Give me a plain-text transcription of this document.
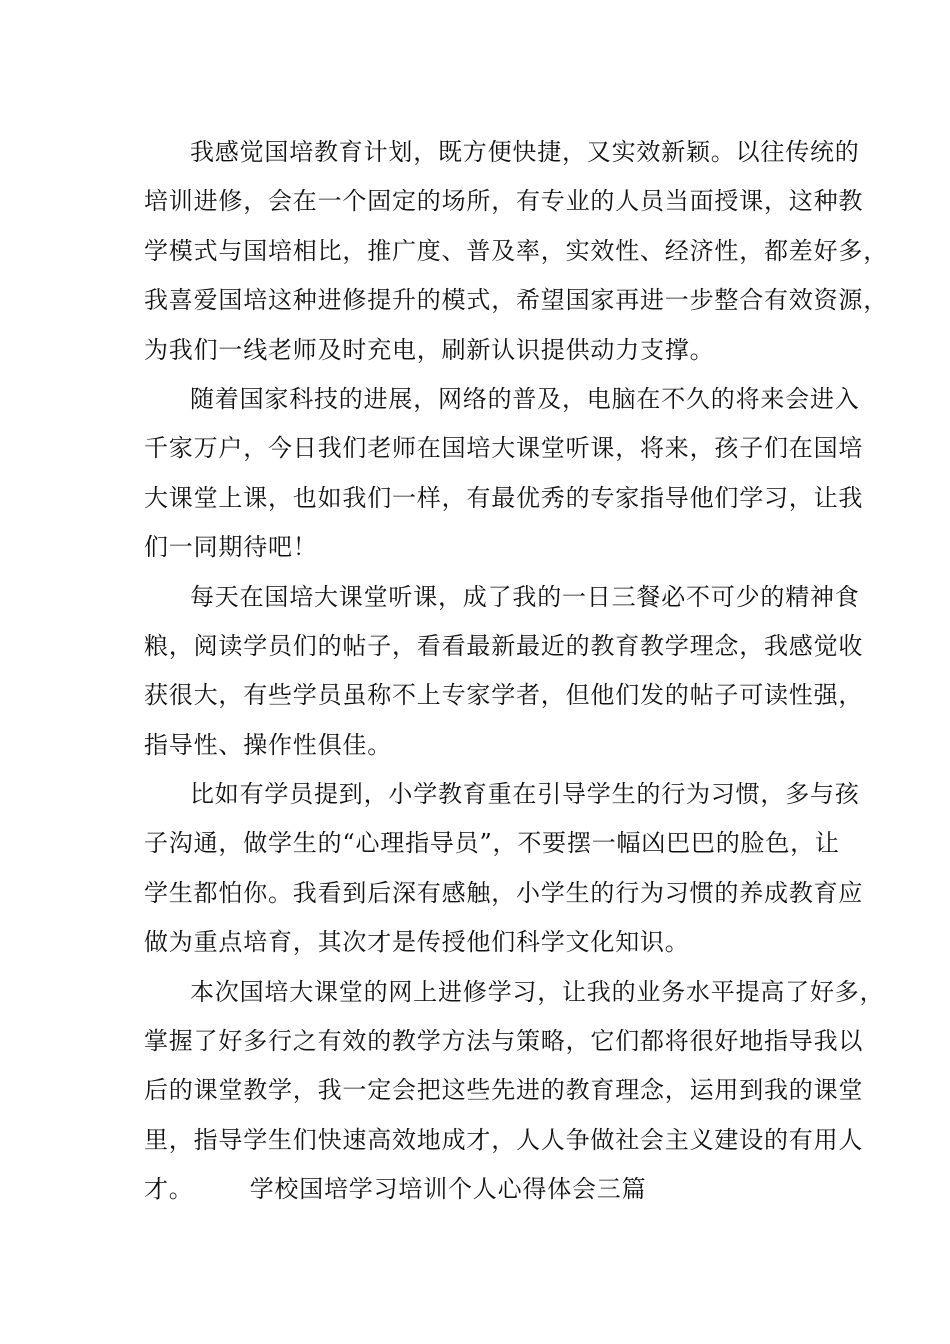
我感觉国培教育计划，既方便快捷，又实效新颖。以往传统的
培训进修，会在一个固定的场所，有专业的人员当面授课，这种教
学模式与国培相比，推广度、普及率，实效性、经济性，都差好多，
我喜爱国培这种进修提升的模式，希望国家再进一步整合有效资源，
为我们一线老师及时充电，刷新认识提供动力支撑。
随着国家科技的进展，网络的普及，电脑在不久的将来会进入
千家万户，今日我们老师在国培大课堂听课，将来，孩子们在国培
大课堂上课，也如我们一样，有最优秀的专家指导他们学习，让我
们一同期待吧！
每天在国培大课堂听课，成了我的一日三餐必不可少的精神食
粮，阅读学员们的帖子，看看最新最近的教育教学理念，我感觉收
获很大，有些学员虽称不上专家学者，但他们发的帖子可读性强，
指导性、操作性俱佳。
比如有学员提到，小学教育重在引导学生的行为习惯，多与孩
子沟通，做学生的“心理指导员”，不要摆一幅凶巴巴的脸色，让
学生都怕你。我看到后深有感触，小学生的行为习惯的养成教育应
做为重点培育，其次才是传授他们科学文化知识。
本次国培大课堂的网上进修学习，让我的业务水平提高了好多，
掌握了好多行之有效的教学方法与策略，它们都将很好地指导我以
后的课堂教学，我一定会把这些先进的教育理念，运用到我的课堂
里，指导学生们快速高效地成才，人人争做社会主义建设的有用人
才。 学校国培学习培训个人心得体会三篇
